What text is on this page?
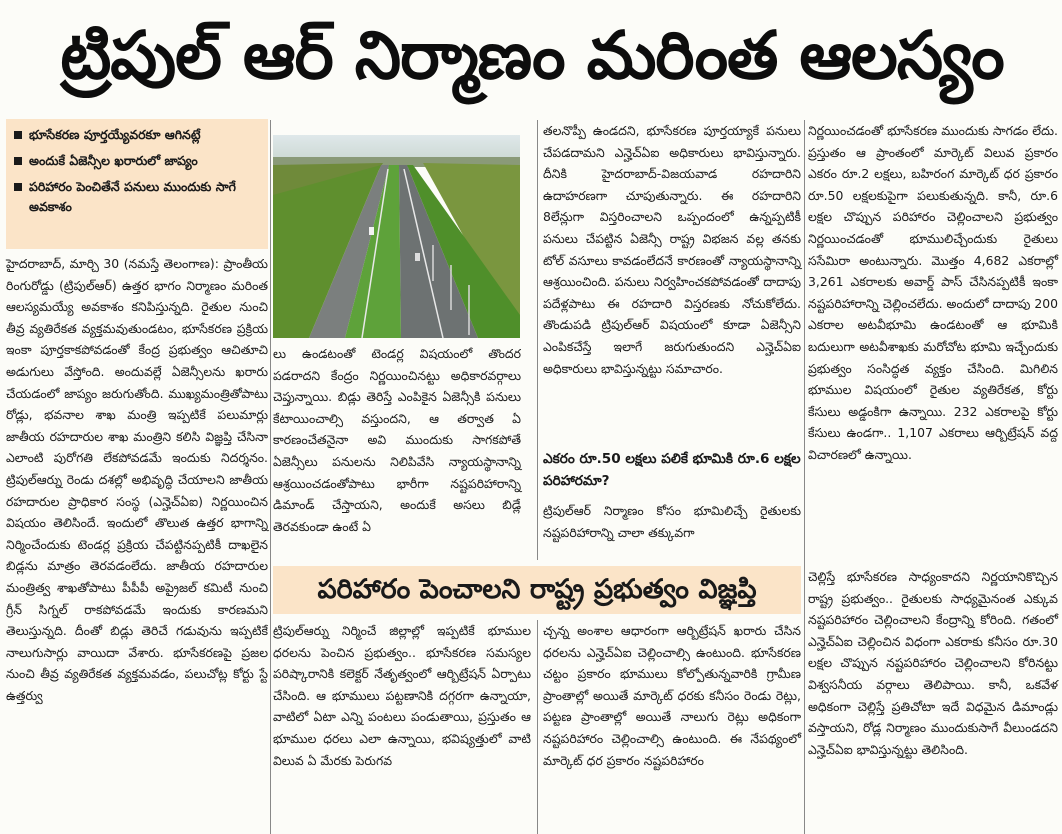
ట్రిపుల్ ఆర్ నిర్మాణం మరింత ఆలస్యం
భూసేకరణ పూర్తయ్యేవరకూ ఆగినట్లే
అందుకే ఏజెన్సీల ఖరారులో జాప్యం
పరిహారం పెంచితేనే పనులు ముందుకు సాగే అవకాశం

హైదరాబాద్, మార్చి 30 (నమస్తే తెలంగాణ): ప్రాంతీయ రింగురోడ్డు (ట్రిపుల్ఆర్) ఉత్తర భాగం నిర్మాణం మరింత ఆలస్యమయ్యే అవకాశం కనిపిస్తున్నది. రైతుల నుంచి తీవ్ర వ్యతిరేకత వ్యక్తమవుతుండటం, భూసేకరణ ప్రక్రియ ఇంకా పూర్తకాకపోవడంతో కేంద్ర ప్రభుత్వం ఆచితూచి అడుగులు వేస్తోంది. అందువల్లే ఏజెన్సీలను ఖరారు చేయడంలో జాప్యం జరుగుతోంది. ముఖ్యమంత్రితోపాటు రోడ్లు, భవనాల శాఖ మంత్రి ఇప్పటికే పలుమార్లు జాతీయ రహదారుల శాఖ మంత్రిని కలిసి విజ్ఞప్తి చేసినా ఎలాంటి పురోగతి లేకపోవడమే ఇందుకు నిదర్శనం. ట్రిపుల్ఆర్ను రెండు దశల్లో అభివృద్ధి చేయాలని జాతీయ రహదారుల ప్రాధికార సంస్థ (ఎన్హెచ్ఏఐ) నిర్ణయించిన విషయం తెలిసిందే. ఇందులో తొలుత ఉత్తర భాగాన్ని నిర్మించేందుకు టెండర్ల ప్రక్రియ చేపట్టినప్పటికీ దాఖలైన బిడ్లను మాత్రం తెరవడంలేదు. జాతీయ రహదారుల మంత్రిత్వ శాఖతోపాటు పీపీపీ అప్రైజల్ కమిటీ నుంచి గ్రీన్ సిగ్నల్ రాకపోవడమే ఇందుకు కారణమని తెలుస్తున్నది. దీంతో బిడ్లు తెరిచే గడువును ఇప్పటికే నాలుగుసార్లు వాయిదా వేశారు. భూసేకరణపై ప్రజల నుంచి తీవ్ర వ్యతిరేకత వ్యక్తమవడం, పలుచోట్ల కోర్టు స్టే ఉత్తర్వు

లు ఉండటంతో టెండర్ల విషయంలో తొందర పడరాదని కేంద్రం నిర్ణయించినట్టు అధికారవర్గాలు చెప్తున్నాయి. బిడ్లు తెరిస్తే ఎంపికైన ఏజెన్సీకి పనులు కేటాయించాల్సి వస్తుందని, ఆ తర్వాత ఏ కారణంచేతనైనా అవి ముందుకు సాగకపోతే ఏజెన్సీలు పనులను నిలిపివేసి న్యాయస్థానాన్ని ఆశ్రయించడంతోపాటు భారీగా నష్టపరిహారాన్ని డిమాండ్ చేస్తాయని, అందుకే అసలు బిడ్లే తెరవకుండా ఉంటే ఏ

తలనొప్పీ ఉండదని, భూసేకరణ పూర్తయ్యాకే పనులు చేపడదామని ఎన్హెచ్ఏఐ అధికారులు భావిస్తున్నారు. దీనికి హైదరాబాద్-విజయవాడ రహదారిని ఉదాహరణగా చూపుతున్నారు. ఈ రహదారిని 8లేన్లుగా విస్తరించాలని ఒప్పందంలో ఉన్నప్పటికీ పనులు చేపట్టిన ఏజెన్సీ రాష్ట్ర విభజన వల్ల తనకు టోల్ వసూలు కావడంలేదనే కారణంతో న్యాయస్థానాన్ని ఆశ్రయించింది. పనులు నిర్వహించకపోవడంతో దాదాపు పదేళ్లపాటు ఈ రహదారి విస్తరణకు నోచుకోలేదు. తొండుపడి ట్రిపుల్ఆర్ విషయంలో కూడా ఏజెన్సీని ఎంపికచేస్తే ఇలాగే జరుగుతుందని ఎన్హెచ్ఏఐ అధికారులు భావిస్తున్నట్టు సమాచారం.

ఎకరం రూ.50 లక్షలు పలికే భూమికి రూ.6 లక్షల పరిహారమా?

ట్రిపుల్ఆర్ నిర్మాణం కోసం భూమిలిచ్చే రైతులకు నష్టపరిహారాన్ని చాలా తక్కువగా

నిర్ణయించడంతో భూసేకరణ ముందుకు సాగడం లేదు. ప్రస్తుతం ఆ ప్రాంతంలో మార్కెట్ విలువ ప్రకారం ఎకరం రూ.2 లక్షలు, బహిరంగ మార్కెట్ ధర ప్రకారం రూ.50 లక్షలకుపైగా పలుకుతున్నది. కానీ, రూ.6 లక్షల చొప్పున పరిహారం చెల్లించాలని ప్రభుత్వం నిర్ణయించడంతో భూములిచ్చేందుకు రైతులు ససేమిరా అంటున్నారు. మొత్తం 4,682 ఎకరాల్లో 3,261 ఎకరాలకు అవార్డ్ పాస్ చేసినప్పటికీ ఇంకా నష్టపరిహారాన్ని చెల్లించలేదు. అందులో దాదాపు 200 ఎకరాల అటవీభూమి ఉండటంతో ఆ భూమికి బదులుగా అటవీశాఖకు మరోచోట భూమి ఇచ్చేందుకు ప్రభుత్వం సంసిద్ధత వ్యక్తం చేసింది. మిగిలిన భూముల విషయంలో రైతుల వ్యతిరేకత, కోర్టు కేసులు అడ్డంకిగా ఉన్నాయి. 232 ఎకరాలపై కోర్టు కేసులు ఉండగా.. 1,107 ఎకరాలు ఆర్బిట్రేషన్ వద్ద విచారణలో ఉన్నాయి.

పరిహారం పెంచాలని రాష్ట్ర ప్రభుత్వం విజ్ఞప్తి

ట్రిపుల్ఆర్ను నిర్మించే జిల్లాల్లో ఇప్పటికే భూముల ధరలను పెంచిన ప్రభుత్వం.. భూసేకరణ సమస్యల పరిష్కారానికి కలెక్టర్ నేతృత్వంలో ఆర్బిట్రేషన్ ఏర్పాటు చేసింది. ఆ భూములు పట్టణానికి దగ్గరగా ఉన్నాయా, వాటిలో ఏటా ఎన్ని పంటలు పండుతాయి, ప్రస్తుతం ఆ భూముల ధరలు ఎలా ఉన్నాయి, భవిష్యత్తులో వాటి విలువ ఏ మేరకు పెరుగవ

చ్చన్న అంశాల ఆధారంగా ఆర్బిట్రేషన్ ఖరారు చేసిన ధరలను ఎన్హెచ్ఏఐ చెల్లించాల్సి ఉంటుంది. భూసేకరణ చట్టం ప్రకారం భూములు కోల్పోతున్నవారికి గ్రామీణ ప్రాంతాల్లో అయితే మార్కెట్ ధరకు కనీసం రెండు రెట్లు, పట్టణ ప్రాంతాల్లో అయితే నాలుగు రెట్లు అధికంగా నష్టపరిహారం చెల్లించాల్సి ఉంటుంది. ఈ నేపథ్యంలో మార్కెట్ ధర ప్రకారం నష్టపరిహారం

చెల్లిస్తే భూసేకరణ సాధ్యంకాదని నిర్ణయానికొచ్చిన రాష్ట్ర ప్రభుత్వం.. రైతులకు సాధ్యమైనంత ఎక్కువ నష్టపరిహారం చెల్లించాలని కేంద్రాన్ని కోరింది. గతంలో ఎన్హెచ్ఏఐ చెల్లించిన విధంగా ఎకరాకు కనీసం రూ.30 లక్షల చొప్పున నష్టపరిహారం చెల్లించాలని కోరినట్టు విశ్వసనీయ వర్గాలు తెలిపాయి. కానీ, ఒకవేళ అధికంగా చెల్లిస్తే ప్రతిచోటా ఇదే విధమైన డిమాండ్లు వస్తాయని, రోడ్ల నిర్మాణం ముందుకుసాగే వీలుండదని ఎన్హెచ్ఏఐ భావిస్తున్నట్టు తెలిసింది.
